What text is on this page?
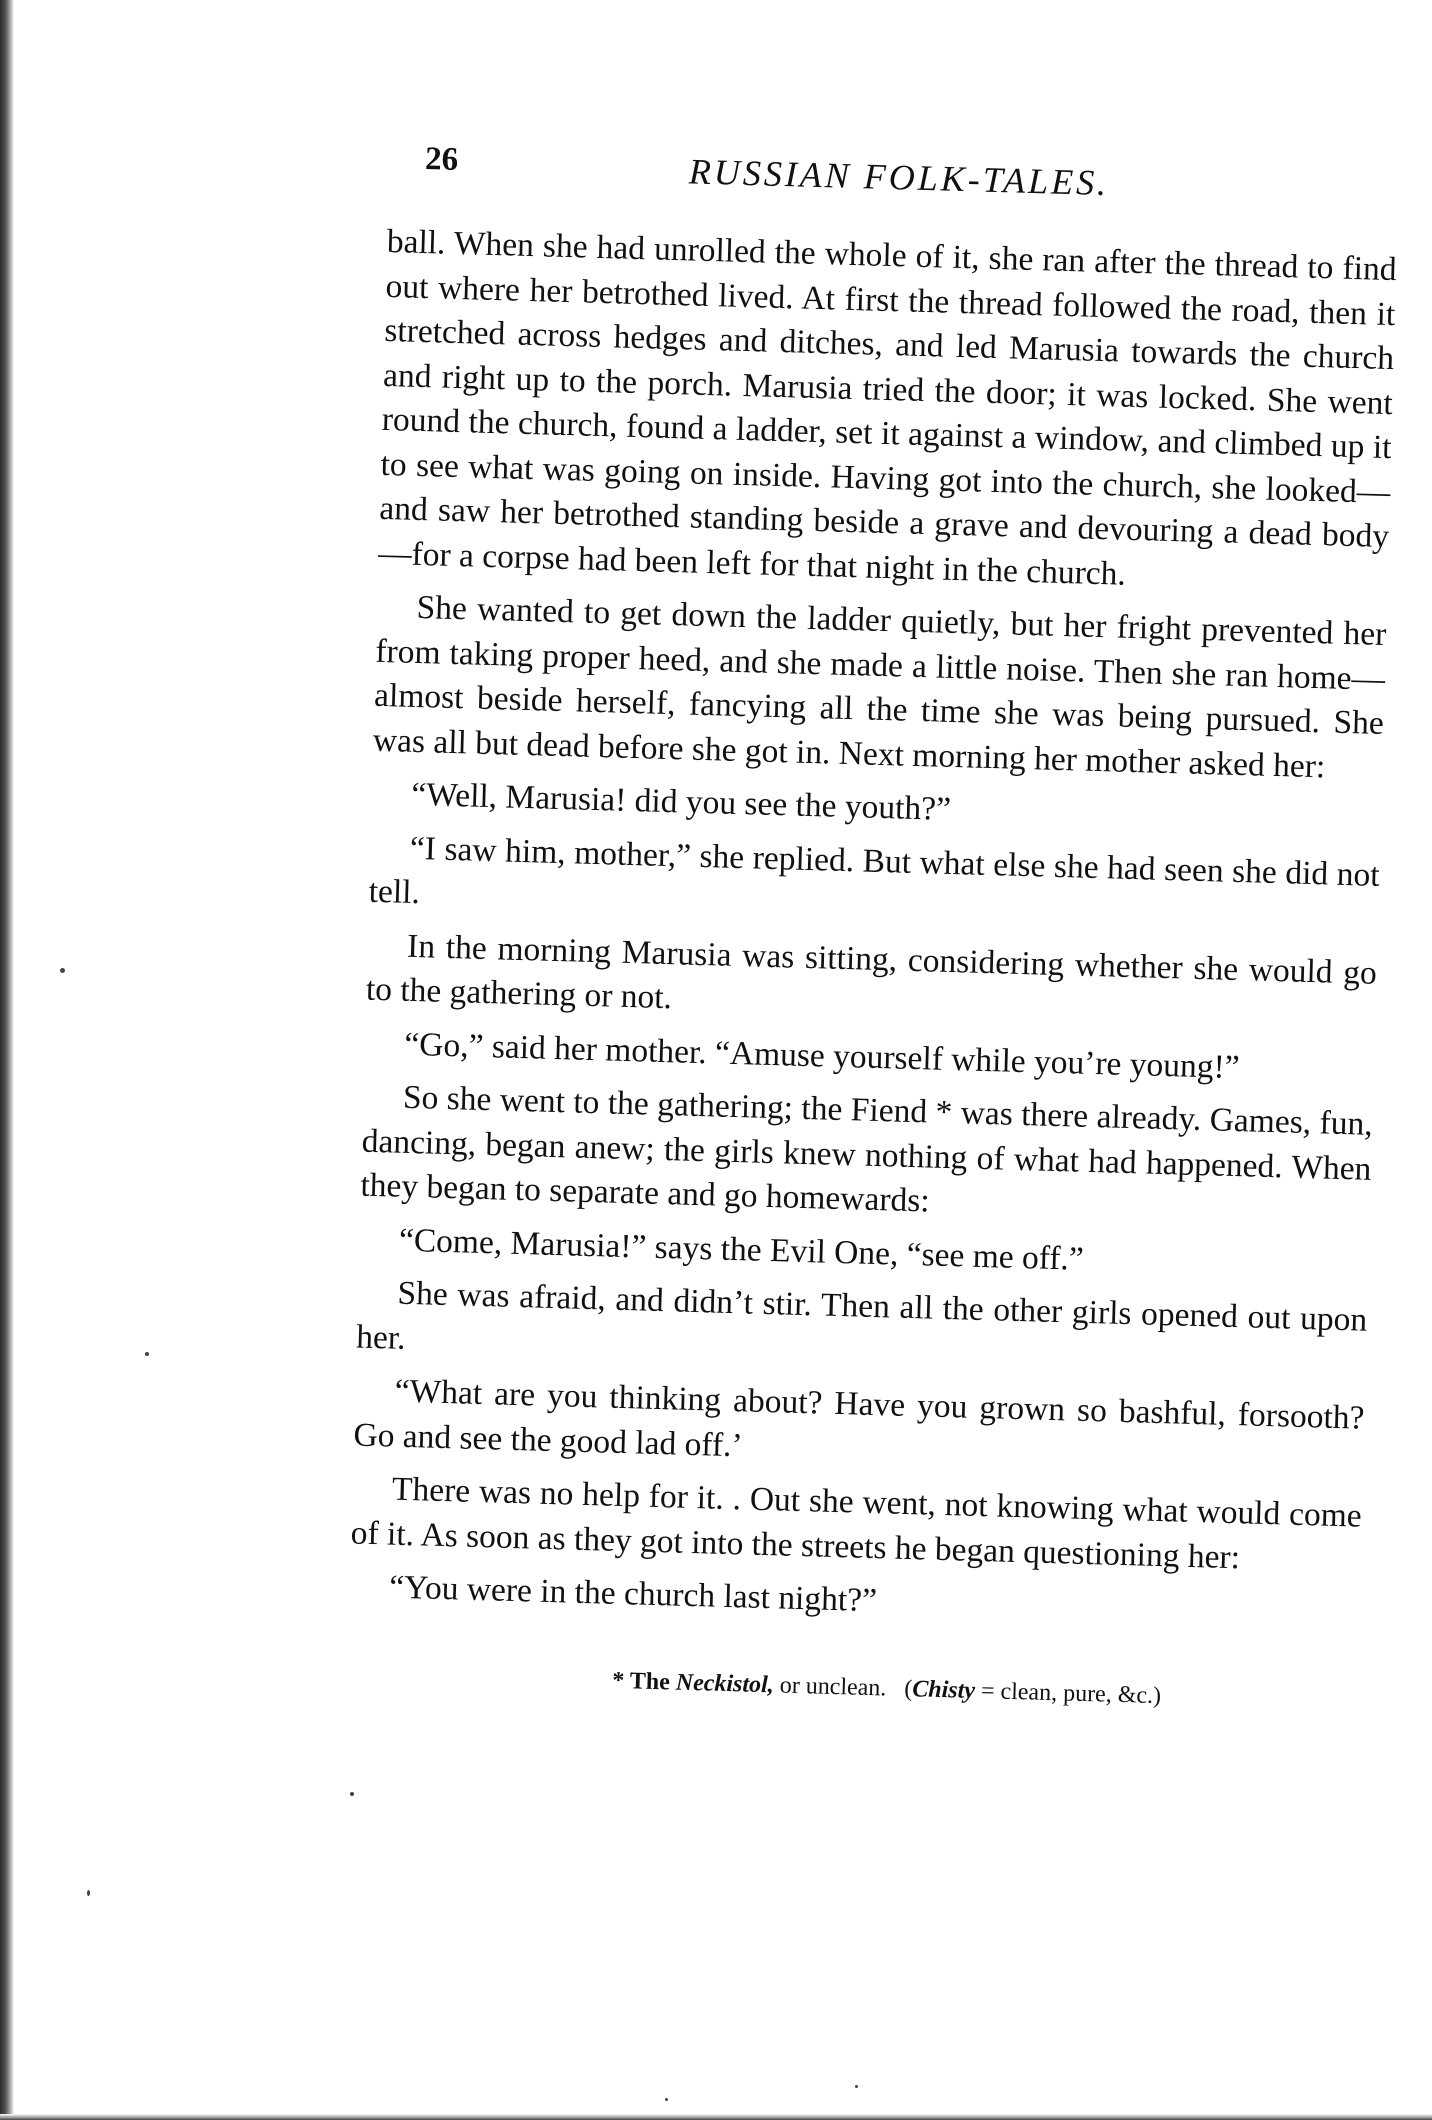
26	RUSSIAN FOLK-TALES.

ball. When she had unrolled the whole of it, she ran after the thread to find out where her betrothed lived. At first the thread followed the road, then it stretched across hedges and ditches, and led Marusia towards the church and right up to the porch. Marusia tried the door; it was locked. She went round the church, found a ladder, set it against a window, and climbed up it to see what was going on inside. Having got into the church, she looked—and saw her betrothed standing beside a grave and devouring a dead body—for a corpse had been left for that night in the church.

She wanted to get down the ladder quietly, but her fright prevented her from taking proper heed, and she made a little noise. Then she ran home—almost beside herself, fancying all the time she was being pursued. She was all but dead before she got in. Next morning her mother asked her:

“Well, Marusia! did you see the youth?”

“I saw him, mother,” she replied. But what else she had seen she did not tell.

In the morning Marusia was sitting, considering whether she would go to the gathering or not.

“Go,” said her mother. “Amuse yourself while you’re young!”

So she went to the gathering; the Fiend * was there already. Games, fun, dancing, began anew; the girls knew nothing of what had happened. When they began to separate and go homewards:

“Come, Marusia!” says the Evil One, “see me off.”

She was afraid, and didn’t stir. Then all the other girls opened out upon her.

“What are you thinking about? Have you grown so bashful, forsooth? Go and see the good lad off.’

There was no help for it. . Out she went, not knowing what would come of it. As soon as they got into the streets he began questioning her:

“You were in the church last night?”

* The Neckistol, or unclean. (Chisty = clean, pure, &c.)
